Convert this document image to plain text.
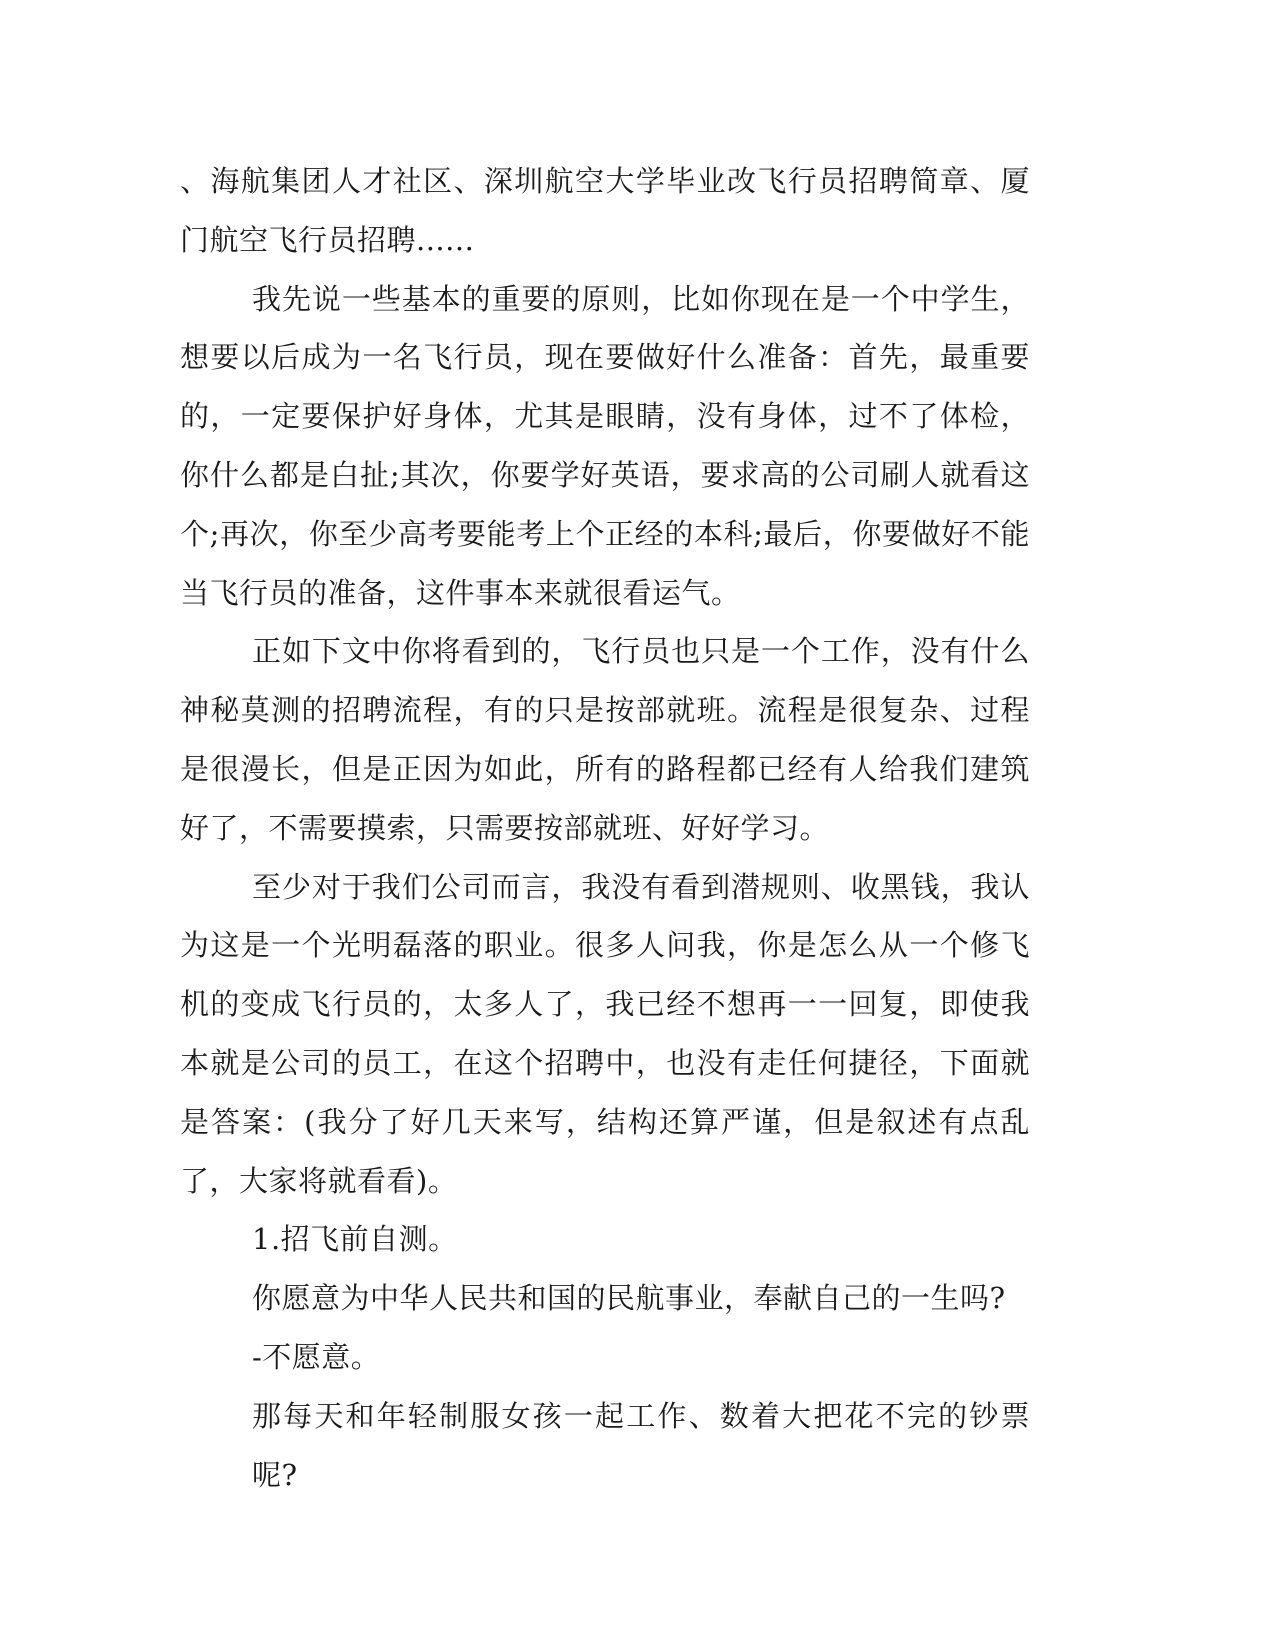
、海航集团人才社区、深圳航空大学毕业改飞行员招聘简章、厦门航空飞行员招聘......

我先说一些基本的重要的原则，比如你现在是一个中学生，想要以后成为一名飞行员，现在要做好什么准备：首先，最重要的，一定要保护好身体，尤其是眼睛，没有身体，过不了体检，你什么都是白扯;其次，你要学好英语，要求高的公司刷人就看这个;再次，你至少高考要能考上个正经的本科;最后，你要做好不能当飞行员的准备，这件事本来就很看运气。

正如下文中你将看到的，飞行员也只是一个工作，没有什么神秘莫测的招聘流程，有的只是按部就班。流程是很复杂、过程是很漫长，但是正因为如此，所有的路程都已经有人给我们建筑好了，不需要摸索，只需要按部就班、好好学习。

至少对于我们公司而言，我没有看到潜规则、收黑钱，我认为这是一个光明磊落的职业。很多人问我，你是怎么从一个修飞机的变成飞行员的，太多人了，我已经不想再一一回复，即使我本就是公司的员工，在这个招聘中，也没有走任何捷径，下面就是答案：(我分了好几天来写，结构还算严谨，但是叙述有点乱了，大家将就看看)。

1.招飞前自测。
你愿意为中华人民共和国的民航事业，奉献自己的一生吗?
-不愿意。
那每天和年轻制服女孩一起工作、数着大把花不完的钞票呢?
